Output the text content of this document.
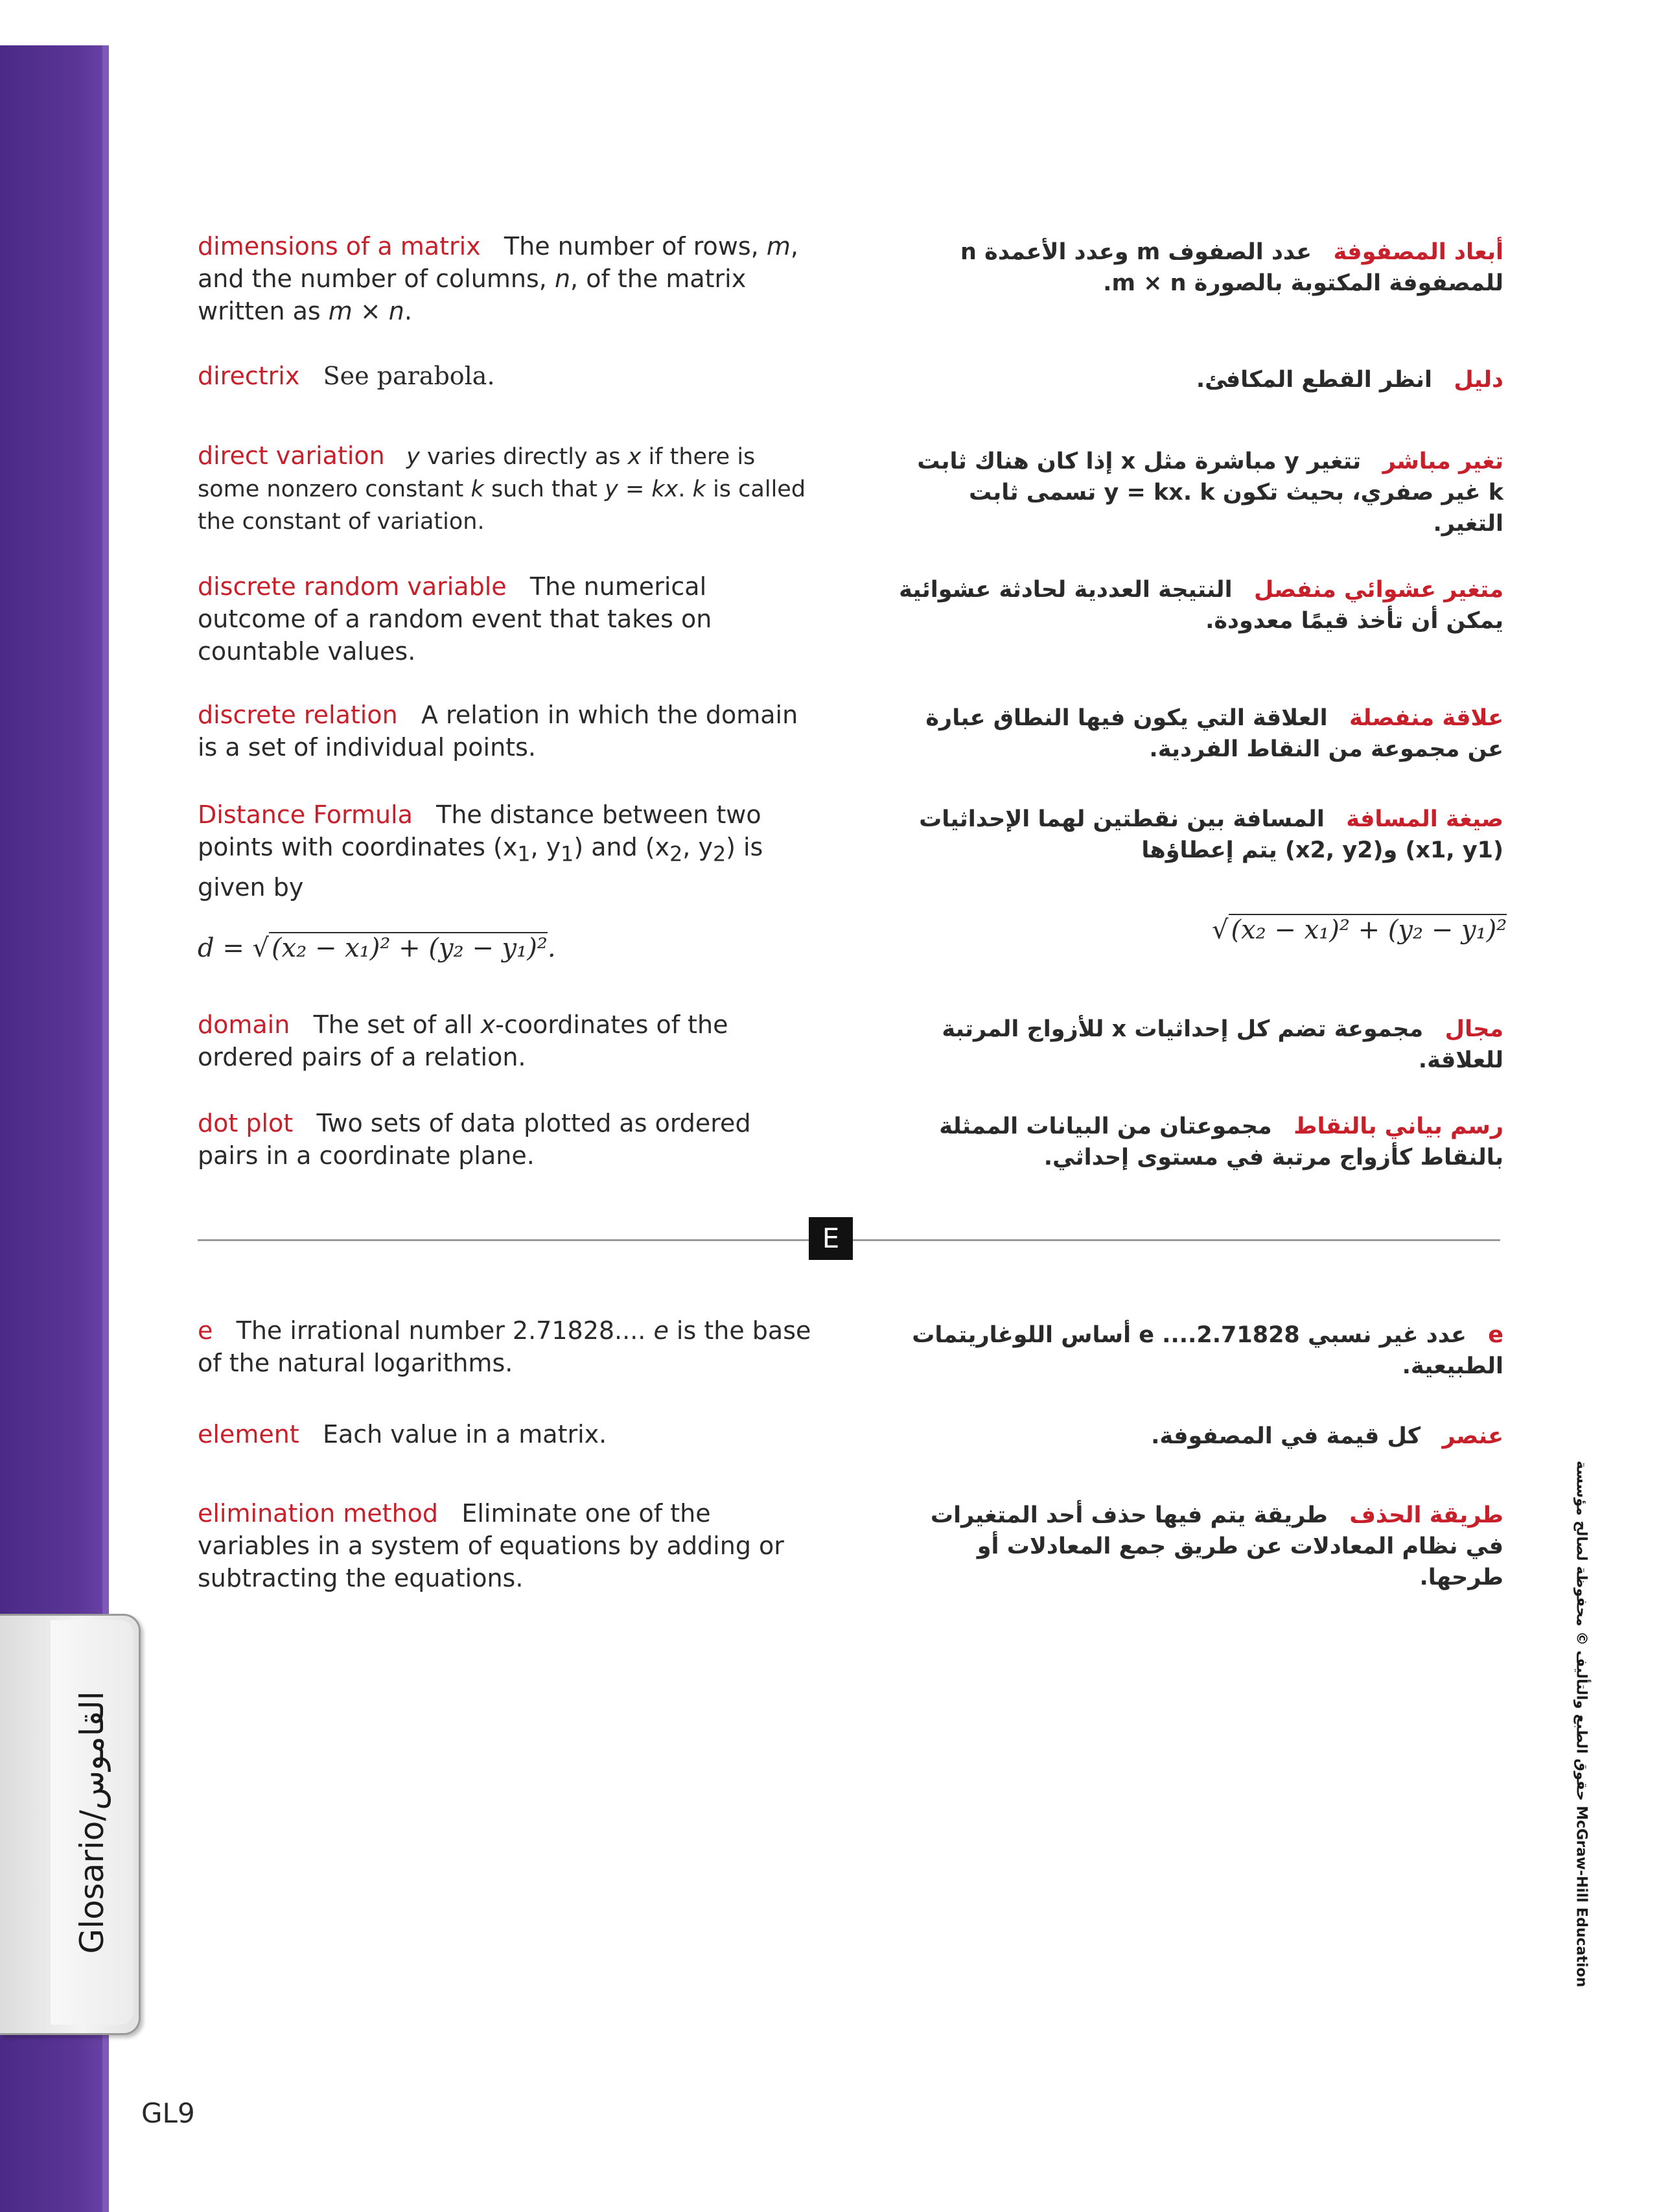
Glosario/القاموس
GL9
حقوق الطبع والتأليف © محفوظة لصالح مؤسسة McGraw-Hill Education
dimensions of a matrix The number of rows, m, and the number of columns, n, of the matrix written as m × n.
directrix See parabola.
direct variation y varies directly as x if there is some nonzero constant k such that y = kx. k is called the constant of variation.
discrete random variable The numerical outcome of a random event that takes on countable values.
discrete relation A relation in which the domain is a set of individual points.
Distance Formula The distance between two points with coordinates ($x_1$, $y_1$) and ($x_2$, $y_2$) is given by
d = √ (x₂ − x₁)² + (y₂ − y₁)².
domain The set of all x-coordinates of the ordered pairs of a relation.
dot plot Two sets of data plotted as ordered pairs in a coordinate plane.
E
e The irrational number 2.71828.... e is the base of the natural logarithms.
element Each value in a matrix.
elimination method Eliminate one of the variables in a system of equations by adding or subtracting the equations.
أبعاد المصفوفة   عدد الصفوف m وعدد الأعمدة n للمصفوفة المكتوبة بالصورة m × n.
دليل   انظر القطع المكافئ.
تغير مباشر   تتغير y مباشرة مثل x إذا كان هناك ثابت k غير صفري، بحيث تكون y = kx. k تسمى ثابت التغير.
متغير عشوائي منفصل   النتيجة العددية لحادثة عشوائية يمكن أن تأخذ قيمًا معدودة.
علاقة منفصلة   العلاقة التي يكون فيها النطاق عبارة عن مجموعة من النقاط الفردية.
صيغة المسافة   المسافة بين نقطتين لهما الإحداثيات (x1, y1) و(x2, y2) يتم إعطاؤها
√ (x₂ − x₁)² + (y₂ − y₁)²
مجال   مجموعة تضم كل إحداثيات x للأزواج المرتبة للعلاقة.
رسم بياني بالنقاط   مجموعتان من البيانات الممثلة بالنقاط كأزواج مرتبة في مستوى إحداثي.
e   عدد غير نسبي e ....2.71828 أساس اللوغاريتمات الطبيعية.
عنصر   كل قيمة في المصفوفة.
طريقة الحذف   طريقة يتم فيها حذف أحد المتغيرات في نظام المعادلات عن طريق جمع المعادلات أو طرحها.
